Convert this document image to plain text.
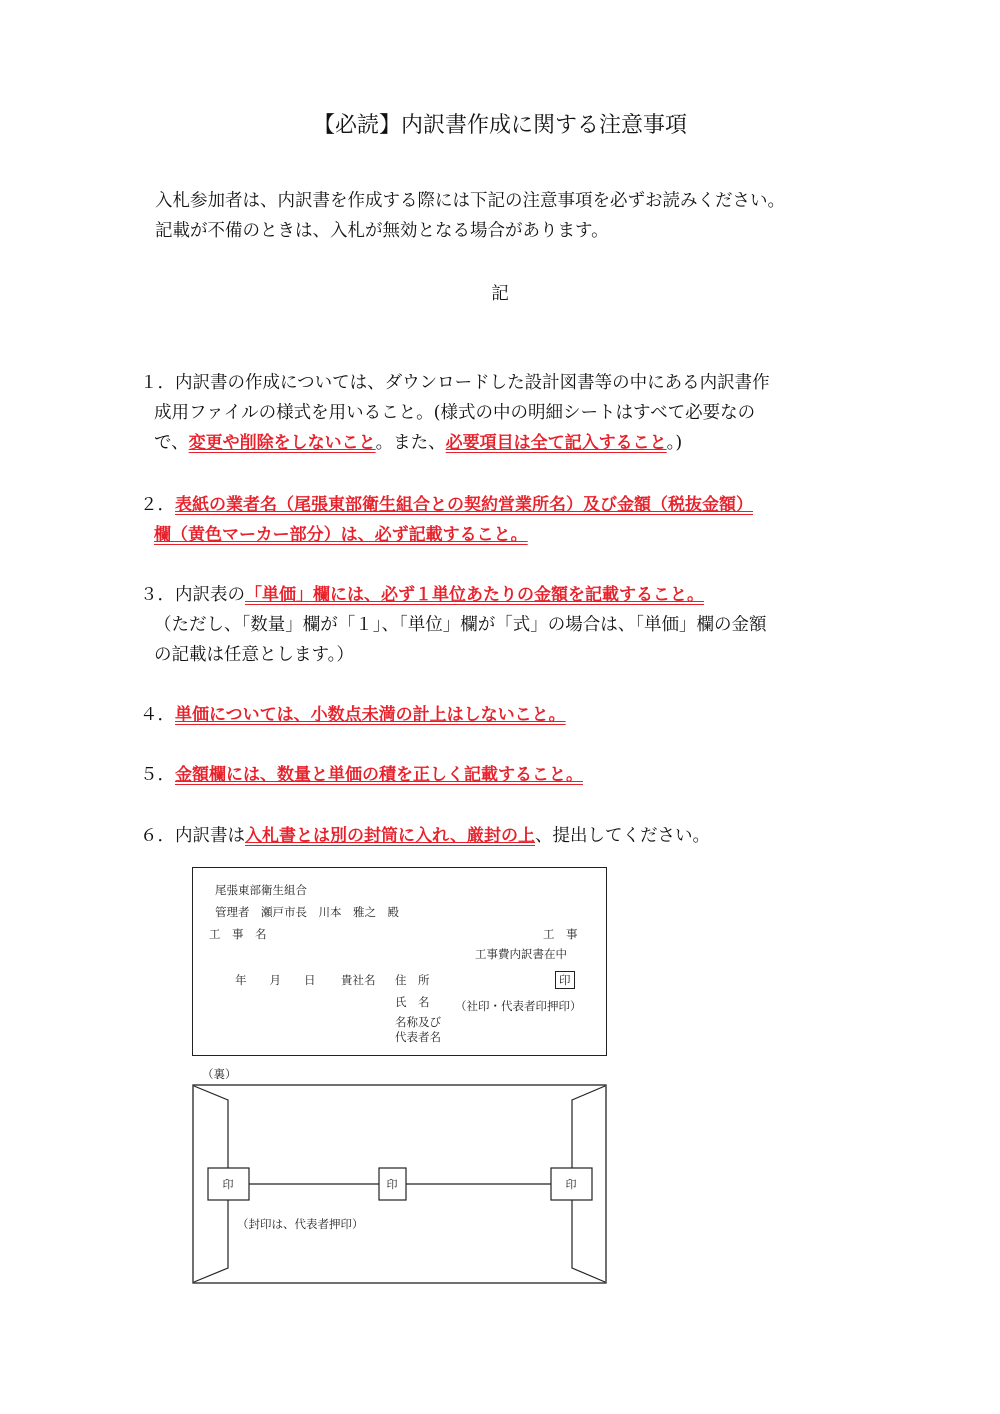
【必読】内訳書作成に関する注意事項
入札参加者は、内訳書を作成する際には下記の注意事項を必ずお読みください。
記載が不備のときは、入札が無効となる場合があります。
記
１．内訳書の作成については、ダウンロードした設計図書等の中にある内訳書作
成用ファイルの様式を用いること。(様式の中の明細シートはすべて必要なの
で、変更や削除をしないこと。また、必要項目は全て記入すること。)
２．表紙の業者名（尾張東部衛生組合との契約営業所名）及び金額（税抜金額）
欄（黄色マーカー部分）は、必ず記載すること。
３．内訳表の「単価」欄には、必ず１単位あたりの金額を記載すること。
（ただし、「数量」欄が「１」、「単位」欄が「式」の場合は、「単価」欄の金額
の記載は任意とします。）
４．単価については、小数点未満の計上はしないこと。
５．金額欄には、数量と単価の積を正しく記載すること。
６．内訳書は入札書とは別の封筒に入れ、厳封の上、提出してください。
尾張東部衛生組合
管理者　瀬戸市長　川本　雅之　殿
工　事　名	工　事
工事費内訳書在中
年　　月　　日 貴社名 住　所	印
氏　名 （社印・代表者印押印）
名称及び
代表者名
（裏）
印	印	印
（封印は、代表者押印）
